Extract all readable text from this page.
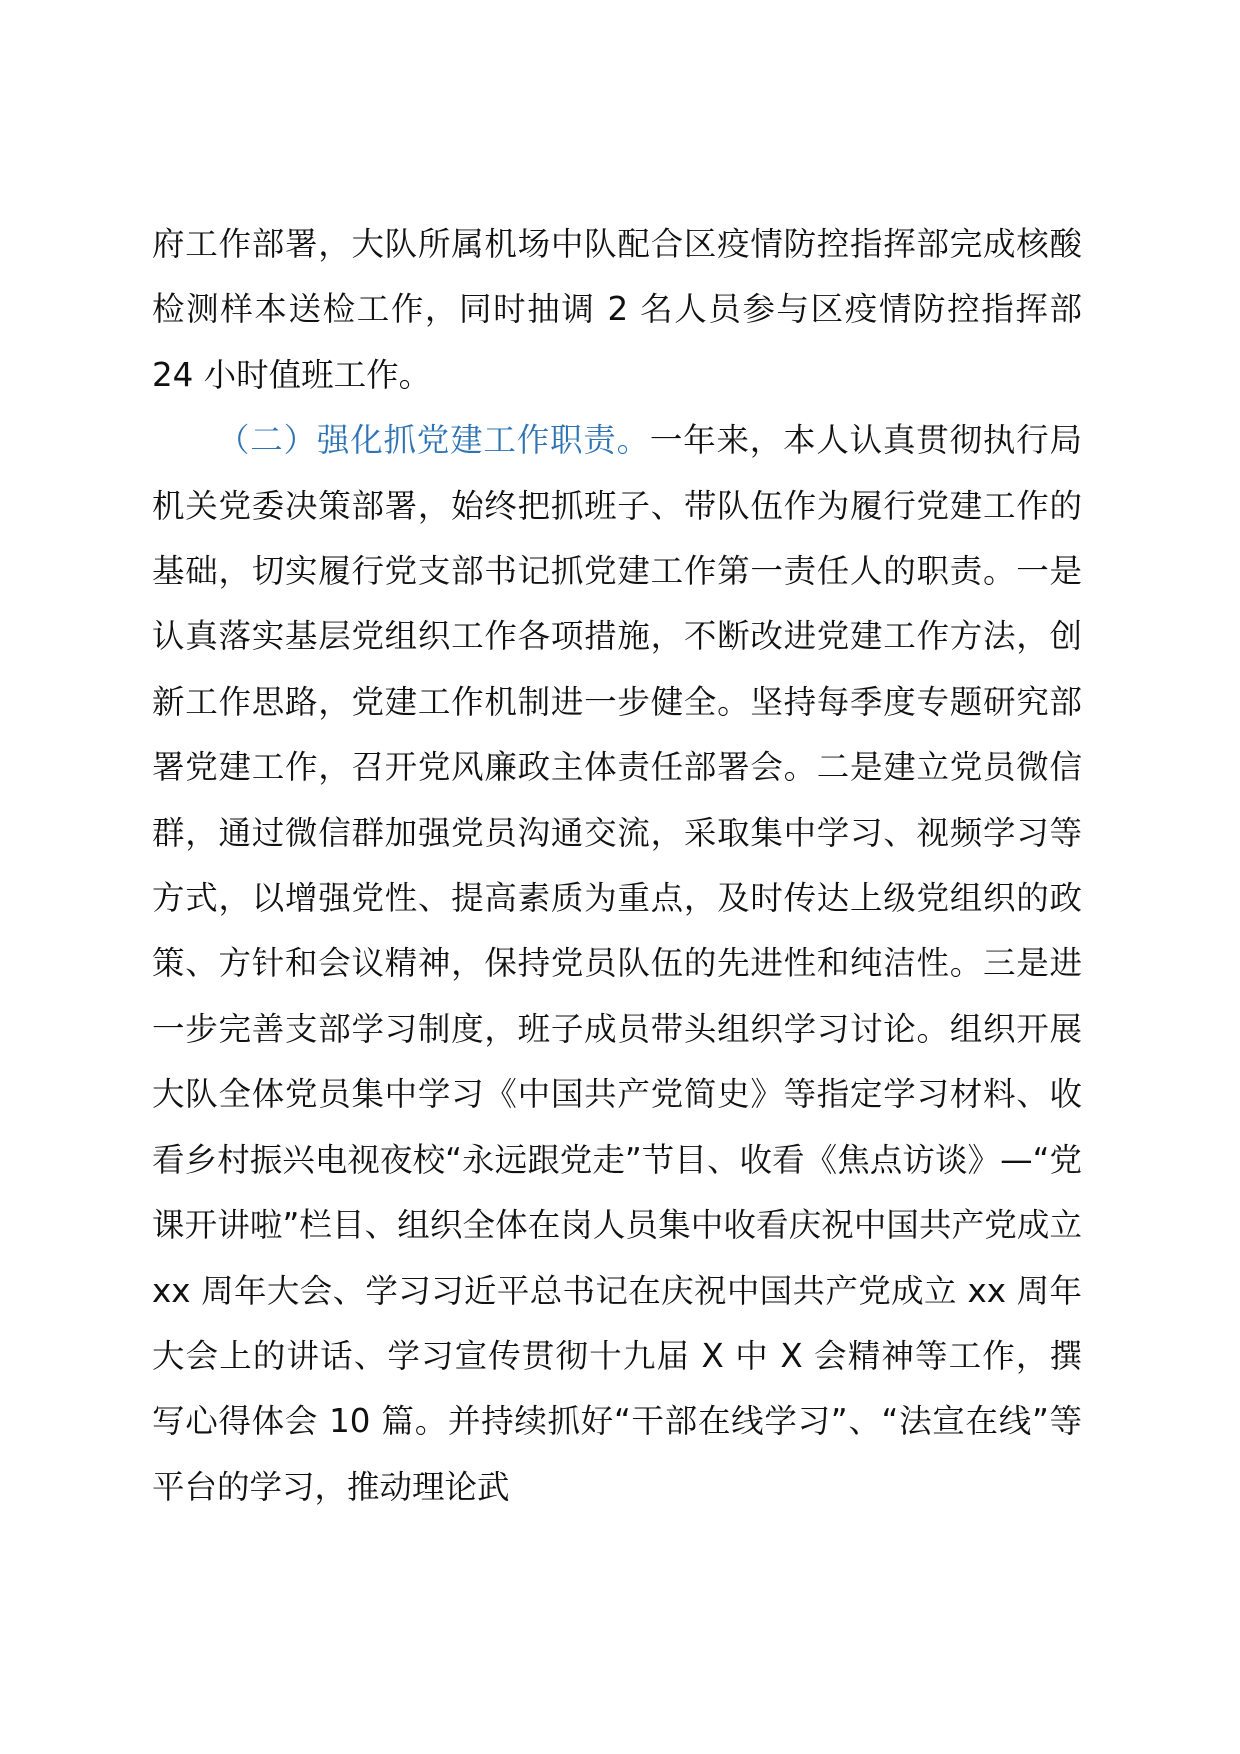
府工作部署，大队所属机场中队配合区疫情防控指挥部完成核酸检测样本送检工作，同时抽调 2 名人员参与区疫情防控指挥部 24 小时值班工作。

（二）强化抓党建工作职责。一年来，本人认真贯彻执行局机关党委决策部署，始终把抓班子、带队伍作为履行党建工作的基础，切实履行党支部书记抓党建工作第一责任人的职责。一是认真落实基层党组织工作各项措施，不断改进党建工作方法，创新工作思路，党建工作机制进一步健全。坚持每季度专题研究部署党建工作，召开党风廉政主体责任部署会。二是建立党员微信群，通过微信群加强党员沟通交流，采取集中学习、视频学习等方式，以增强党性、提高素质为重点，及时传达上级党组织的政策、方针和会议精神，保持党员队伍的先进性和纯洁性。三是进一步完善支部学习制度，班子成员带头组织学习讨论。组织开展大队全体党员集中学习《中国共产党简史》等指定学习材料、收看乡村振兴电视夜校“永远跟党走”节目、收看《焦点访谈》—“党课开讲啦”栏目、组织全体在岗人员集中收看庆祝中国共产党成立 xx 周年大会、学习习近平总书记在庆祝中国共产党成立 xx 周年大会上的讲话、学习宣传贯彻十九届 X 中 X 会精神等工作，撰写心得体会 10 篇。并持续抓好“干部在线学习”、“法宣在线”等平台的学习，推动理论武
